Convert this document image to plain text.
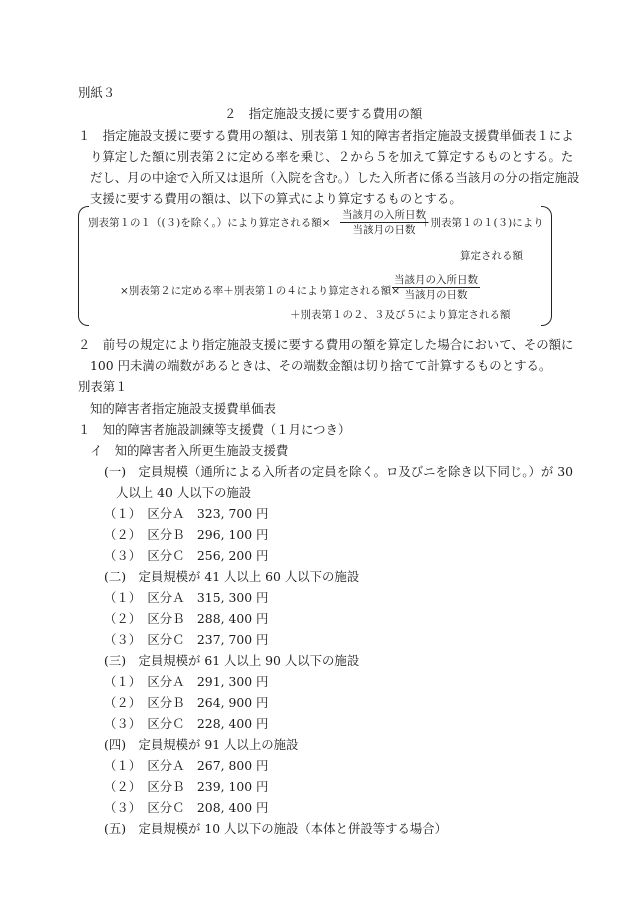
別紙３
２　指定施設支援に要する費用の額
１　指定施設支援に要する費用の額は、別表第１知的障害者指定施設支援費単価表１によ
り算定した額に別表第２に定める率を乗じ、２から５を加えて算定するものとする。た
だし、月の中途で入所又は退所（入院を含む。）した入所者に係る当該月の分の指定施設
支援に要する費用の額は、以下の算式により算定するものとする。
別表第１の１（(３)を除く。）により算定される額×
当該月の入所日数
当該月の日数
＋別表第１の１(３)により
算定される額
×別表第２に定める率＋別表第１の４により算定される額×
当該月の入所日数
当該月の日数
＋別表第１の２、３及び５により算定される額
２　前号の規定により指定施設支援に要する費用の額を算定した場合において、その額に
100 円未満の端数があるときは、その端数金額は切り捨てて計算するものとする。
別表第１
知的障害者指定施設支援費単価表
１　知的障害者施設訓練等支援費（１月につき）
イ　知的障害者入所更生施設支援費
(一)　定員規模（通所による入所者の定員を除く。ロ及びニを除き以下同じ。）が 30
人以上 40 人以下の施設
（１）　区分Ａ　323, 700 円
（２）　区分Ｂ　296, 100 円
（３）　区分Ｃ　256, 200 円
(二)　定員規模が 41 人以上 60 人以下の施設
（１）　区分Ａ　315, 300 円
（２）　区分Ｂ　288, 400 円
（３）　区分Ｃ　237, 700 円
(三)　定員規模が 61 人以上 90 人以下の施設
（１）　区分Ａ　291, 300 円
（２）　区分Ｂ　264, 900 円
（３）　区分Ｃ　228, 400 円
(四)　定員規模が 91 人以上の施設
（１）　区分Ａ　267, 800 円
（２）　区分Ｂ　239, 100 円
（３）　区分Ｃ　208, 400 円
(五)　定員規模が 10 人以下の施設（本体と併設等する場合）
